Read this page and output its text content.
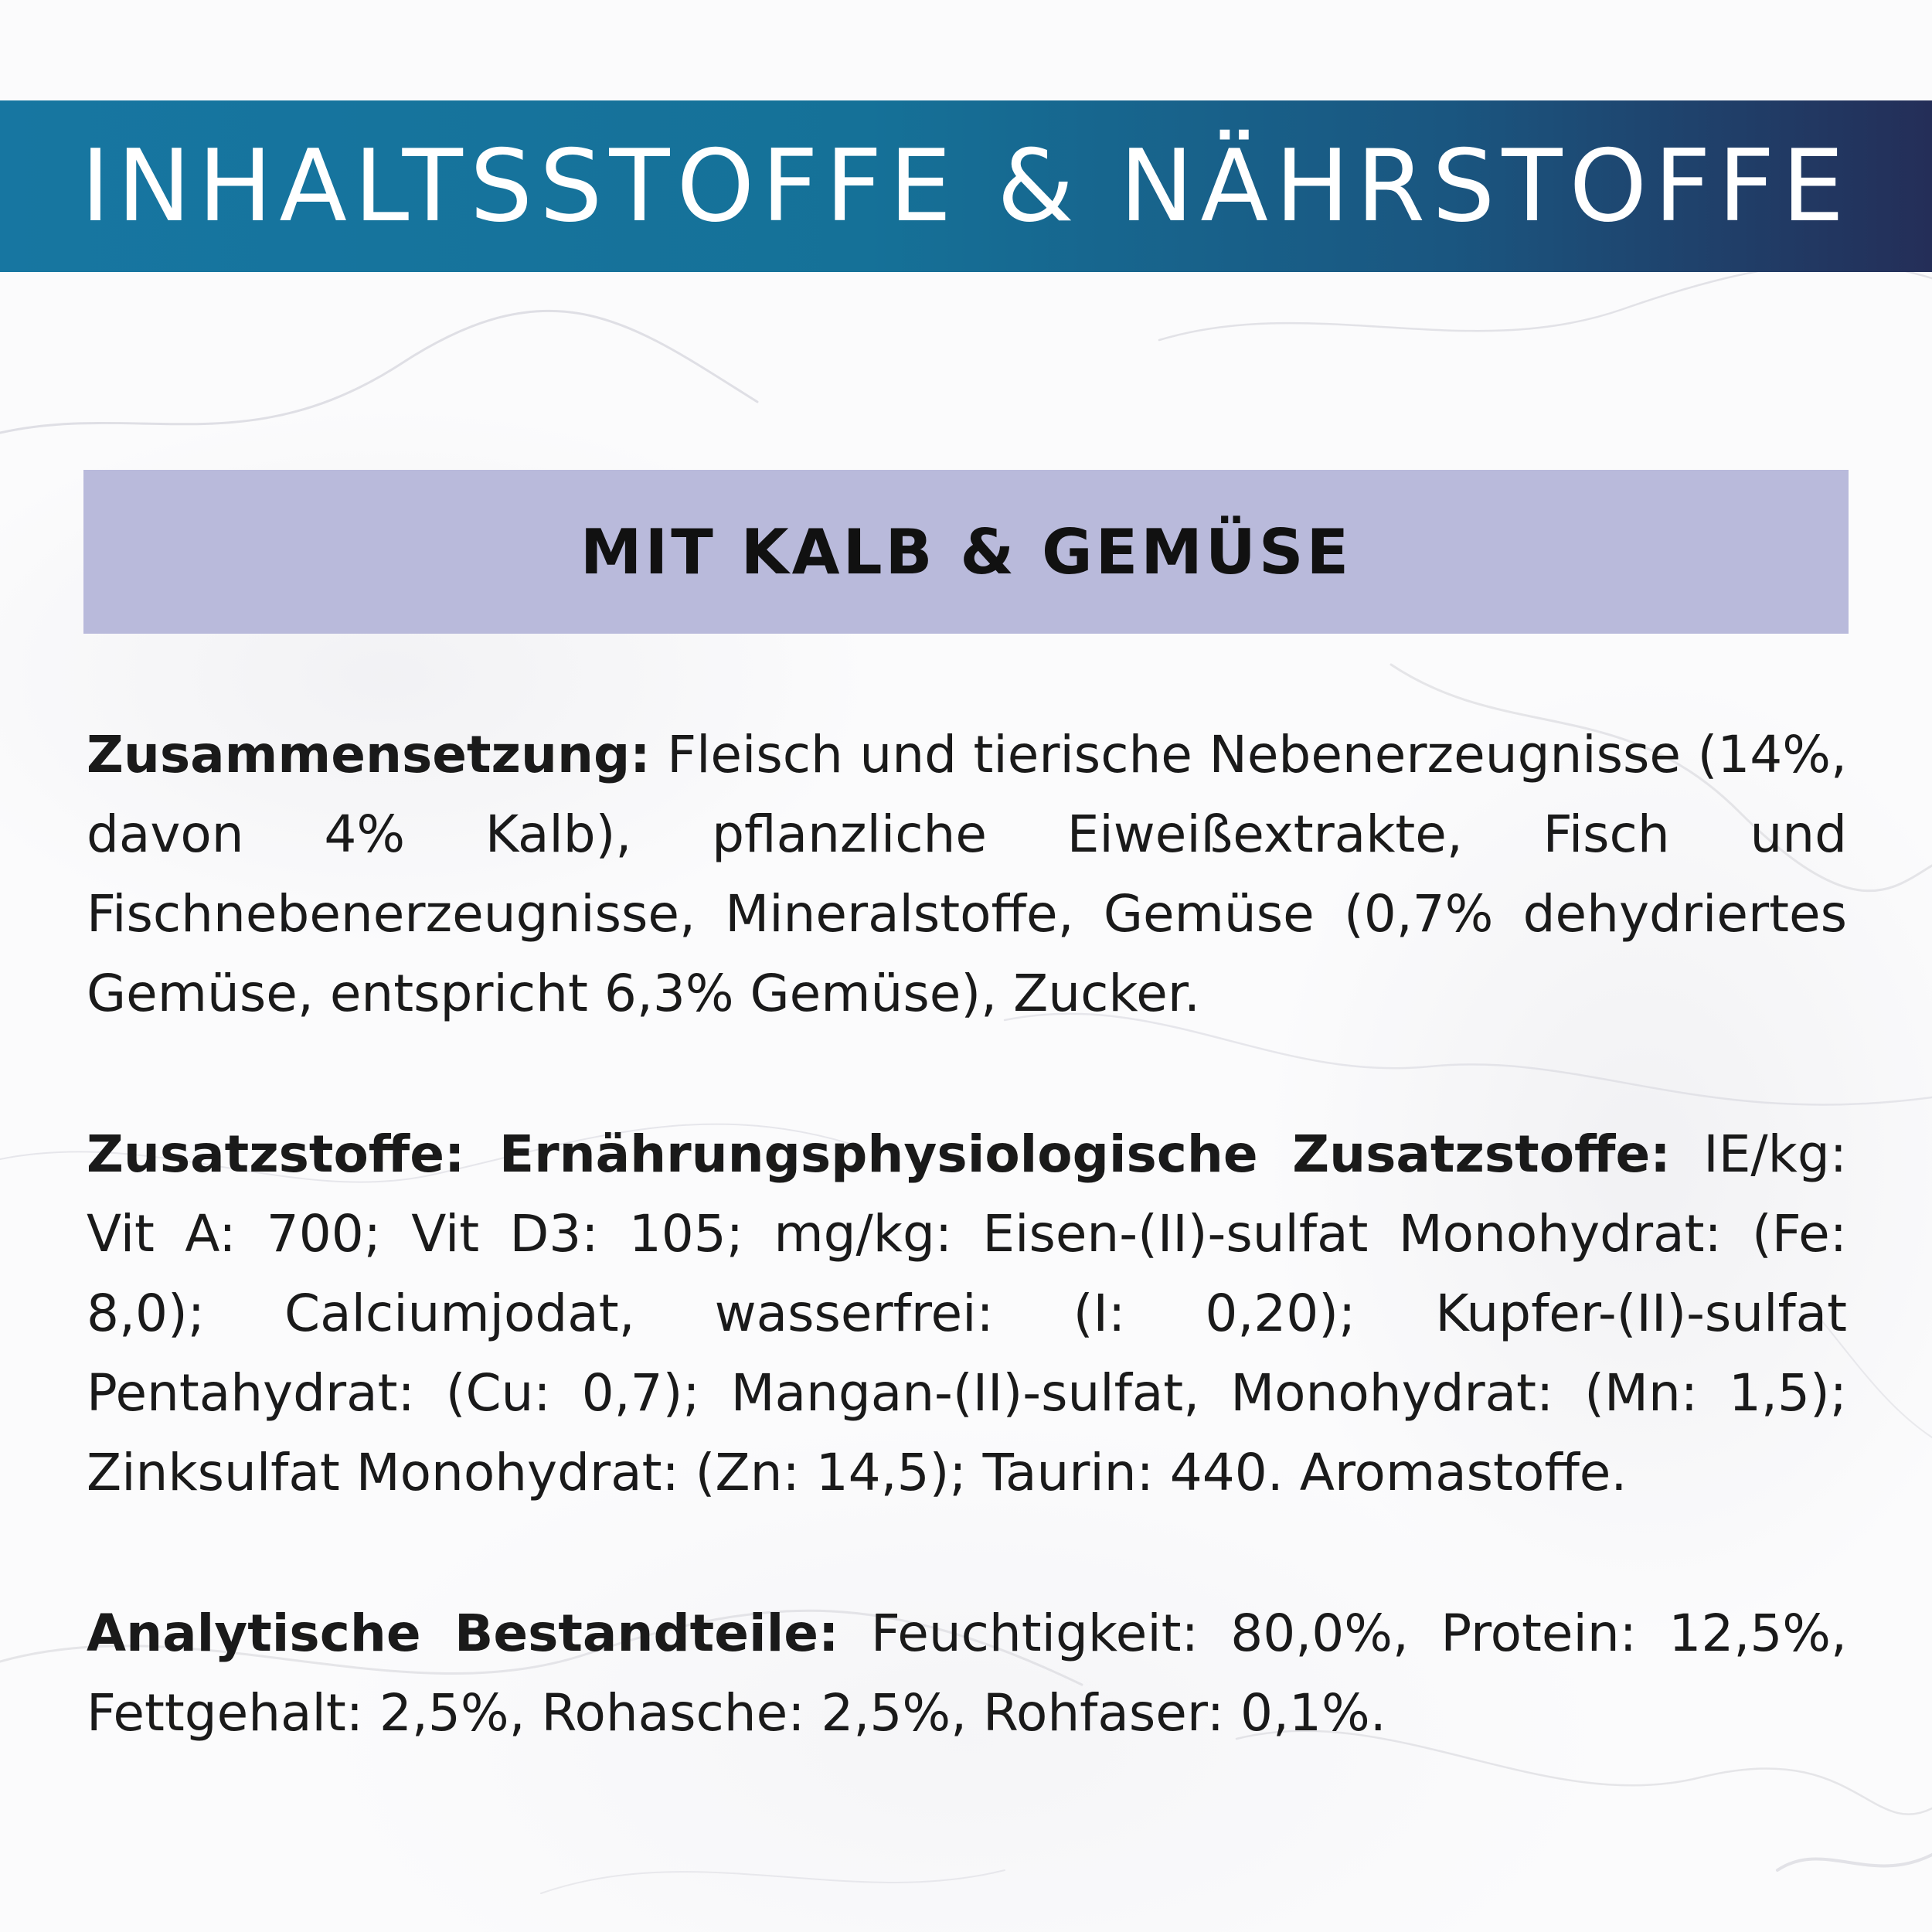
INHALTSSTOFFE & NÄHRSTOFFE
MIT KALB & GEMÜSE

Zusammensetzung: Fleisch und tierische Nebenerzeugnisse (14%, davon 4% Kalb), pflanzliche Eiweißextrakte, Fisch und Fischnebenerzeugnisse, Mineralstoffe, Gemüse (0,7% dehydriertes Gemüse, entspricht 6,3% Gemüse), Zucker.

Zusatzstoffe: Ernährungsphysiologische Zusatzstoffe: IE/kg: Vit A: 700; Vit D3: 105; mg/kg: Eisen-(II)-sulfat Monohydrat: (Fe: 8,0); Calciumjodat, wasserfrei: (I: 0,20); Kupfer-(II)-sulfat Pentahydrat: (Cu: 0,7); Mangan-(II)-sulfat, Monohydrat: (Mn: 1,5); Zinksulfat Monohydrat: (Zn: 14,5); Taurin: 440. Aromastoffe.

Analytische Bestandteile: Feuchtigkeit: 80,0%, Protein: 12,5%, Fettgehalt: 2,5%, Rohasche: 2,5%, Rohfaser: 0,1%.
